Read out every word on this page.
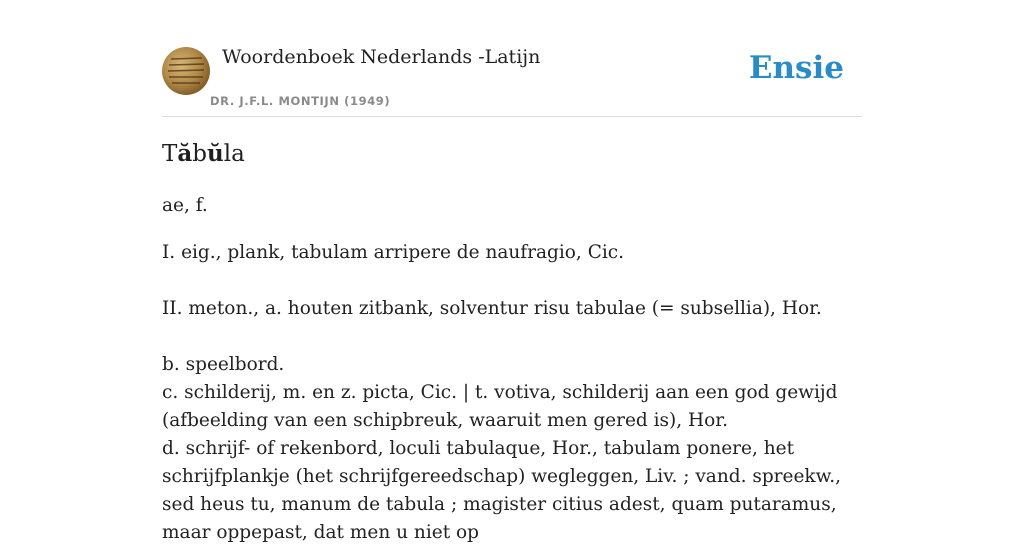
Woordenboek Nederlands -Latijn
DR. J.F.L. MONTIJN (1949)
Ensie
Tăbŭla

ae, f.

I. eig., plank, tabulam arripere de naufragio, Cic.

II. meton., a. houten zitbank, solventur risu tabulae (= subsellia), Hor.

b. speelbord.

c. schilderij, m. en z. picta, Cic. | t. votiva, schilderij aan een god gewijd (afbeelding van een schipbreuk, waaruit men gered is), Hor.

d. schrijf- of rekenbord, loculi tabulaque, Hor., tabulam ponere, het schrijfplankje (het schrijfgereedschap) wegleggen, Liv. ; vand. spreekw., sed heus tu, manum de tabula ; magister citius adest, quam putaramus, maar oppepast, dat men u niet op
